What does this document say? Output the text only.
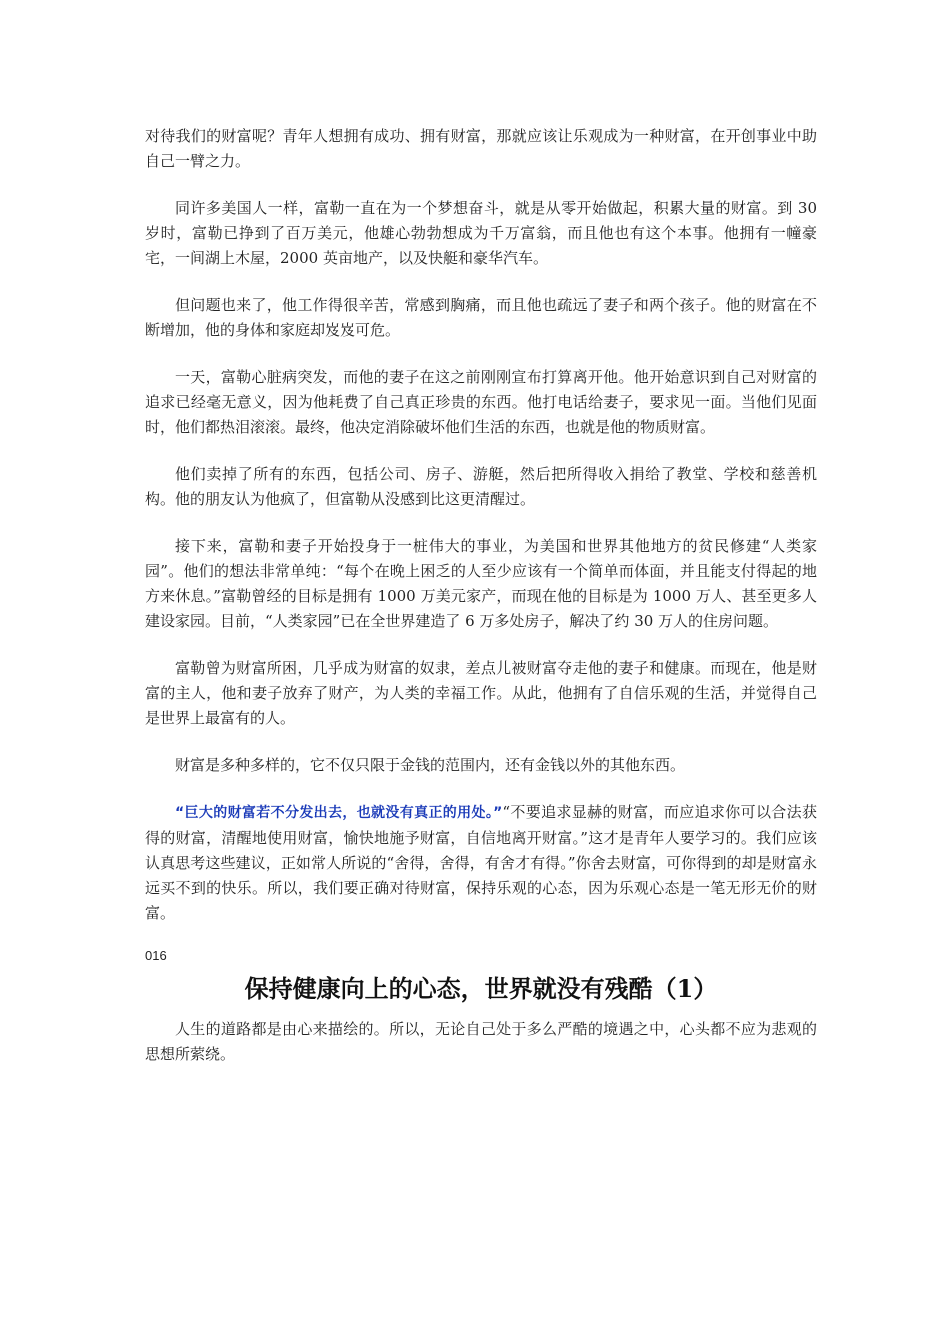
对待我们的财富呢？青年人想拥有成功、拥有财富，那就应该让乐观成为一种财富，在开创事业中助自己一臂之力。

同许多美国人一样，富勒一直在为一个梦想奋斗，就是从零开始做起，积累大量的财富。到 30 岁时，富勒已挣到了百万美元，他雄心勃勃想成为千万富翁，而且他也有这个本事。他拥有一幢豪宅，一间湖上木屋，2000 英亩地产，以及快艇和豪华汽车。

但问题也来了，他工作得很辛苦，常感到胸痛，而且他也疏远了妻子和两个孩子。他的财富在不断增加，他的身体和家庭却岌岌可危。

一天，富勒心脏病突发，而他的妻子在这之前刚刚宣布打算离开他。他开始意识到自己对财富的追求已经毫无意义，因为他耗费了自己真正珍贵的东西。他打电话给妻子，要求见一面。当他们见面时，他们都热泪滚滚。最终，他决定消除破坏他们生活的东西，也就是他的物质财富。

他们卖掉了所有的东西，包括公司、房子、游艇，然后把所得收入捐给了教堂、学校和慈善机构。他的朋友认为他疯了，但富勒从没感到比这更清醒过。

接下来，富勒和妻子开始投身于一桩伟大的事业，为美国和世界其他地方的贫民修建“人类家园”。他们的想法非常单纯：“每个在晚上困乏的人至少应该有一个简单而体面，并且能支付得起的地方来休息。”富勒曾经的目标是拥有 1000 万美元家产，而现在他的目标是为 1000 万人、甚至更多人建设家园。目前，“人类家园”已在全世界建造了 6 万多处房子，解决了约 30 万人的住房问题。

富勒曾为财富所困，几乎成为财富的奴隶，差点儿被财富夺走他的妻子和健康。而现在，他是财富的主人，他和妻子放弃了财产，为人类的幸福工作。从此，他拥有了自信乐观的生活，并觉得自己是世界上最富有的人。

财富是多种多样的，它不仅只限于金钱的范围内，还有金钱以外的其他东西。

“巨大的财富若不分发出去，也就没有真正的用处。”“不要追求显赫的财富，而应追求你可以合法获得的财富，清醒地使用财富，愉快地施予财富，自信地离开财富。”这才是青年人要学习的。我们应该认真思考这些建议，正如常人所说的“舍得，舍得，有舍才有得。”你舍去财富，可你得到的却是财富永远买不到的快乐。所以，我们要正确对待财富，保持乐观的心态，因为乐观心态是一笔无形无价的财富。

016
保持健康向上的心态，世界就没有残酷（1）

人生的道路都是由心来描绘的。所以，无论自己处于多么严酷的境遇之中，心头都不应为悲观的思想所萦绕。
